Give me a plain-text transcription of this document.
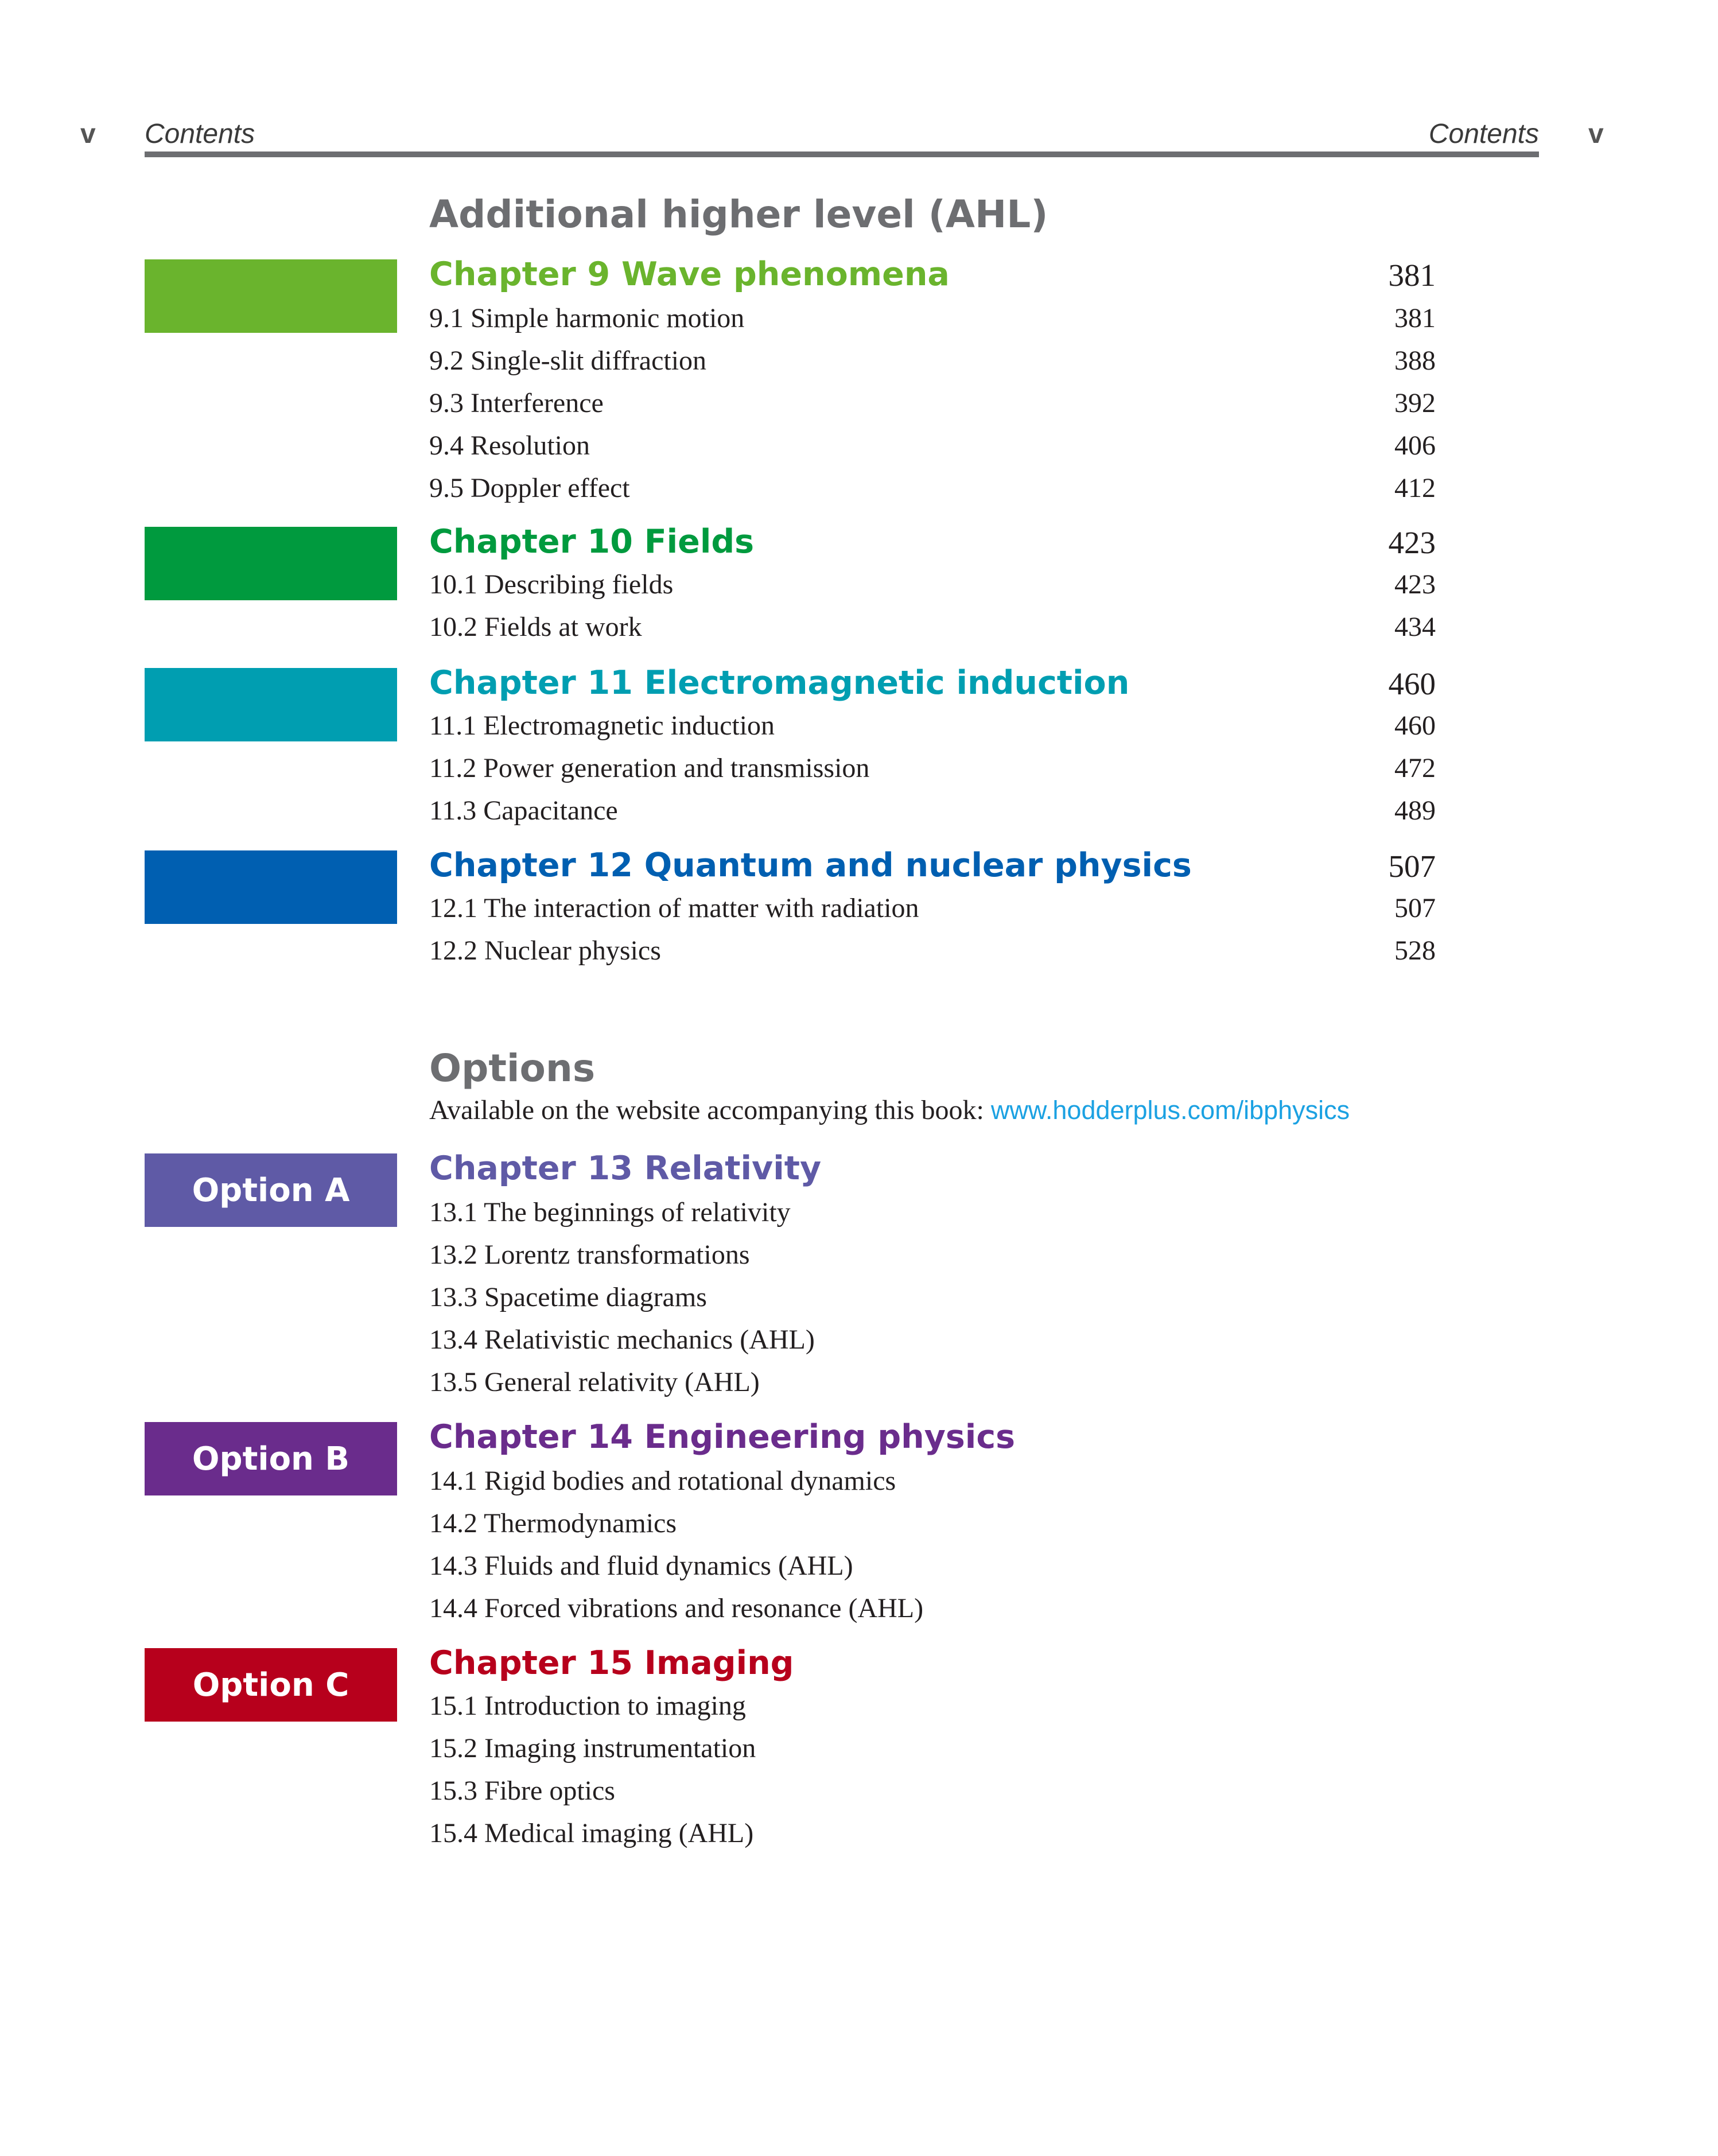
v Contents	Contents v
Additional higher level (AHL)
Chapter 9 Wave phenomena	381
9.1 Simple harmonic motion	381
9.2 Single-slit diffraction	388
9.3 Interference	392
9.4 Resolution	406
9.5 Doppler effect	412
Chapter 10 Fields	423
10.1 Describing fields	423
10.2 Fields at work	434
Chapter 11 Electromagnetic induction	460
11.1 Electromagnetic induction	460
11.2 Power generation and transmission	472
11.3 Capacitance	489
Chapter 12 Quantum and nuclear physics	507
12.1 The interaction of matter with radiation	507
12.2 Nuclear physics	528
Options
Available on the website accompanying this book: www.hodderplus.com/ibphysics
Option A
Chapter 13 Relativity
13.1 The beginnings of relativity
13.2 Lorentz transformations
13.3 Spacetime diagrams
13.4 Relativistic mechanics (AHL)
13.5 General relativity (AHL)
Option B
Chapter 14 Engineering physics
14.1 Rigid bodies and rotational dynamics
14.2 Thermodynamics
14.3 Fluids and fluid dynamics (AHL)
14.4 Forced vibrations and resonance (AHL)
Option C
Chapter 15 Imaging
15.1 Introduction to imaging
15.2 Imaging instrumentation
15.3 Fibre optics
15.4 Medical imaging (AHL)
